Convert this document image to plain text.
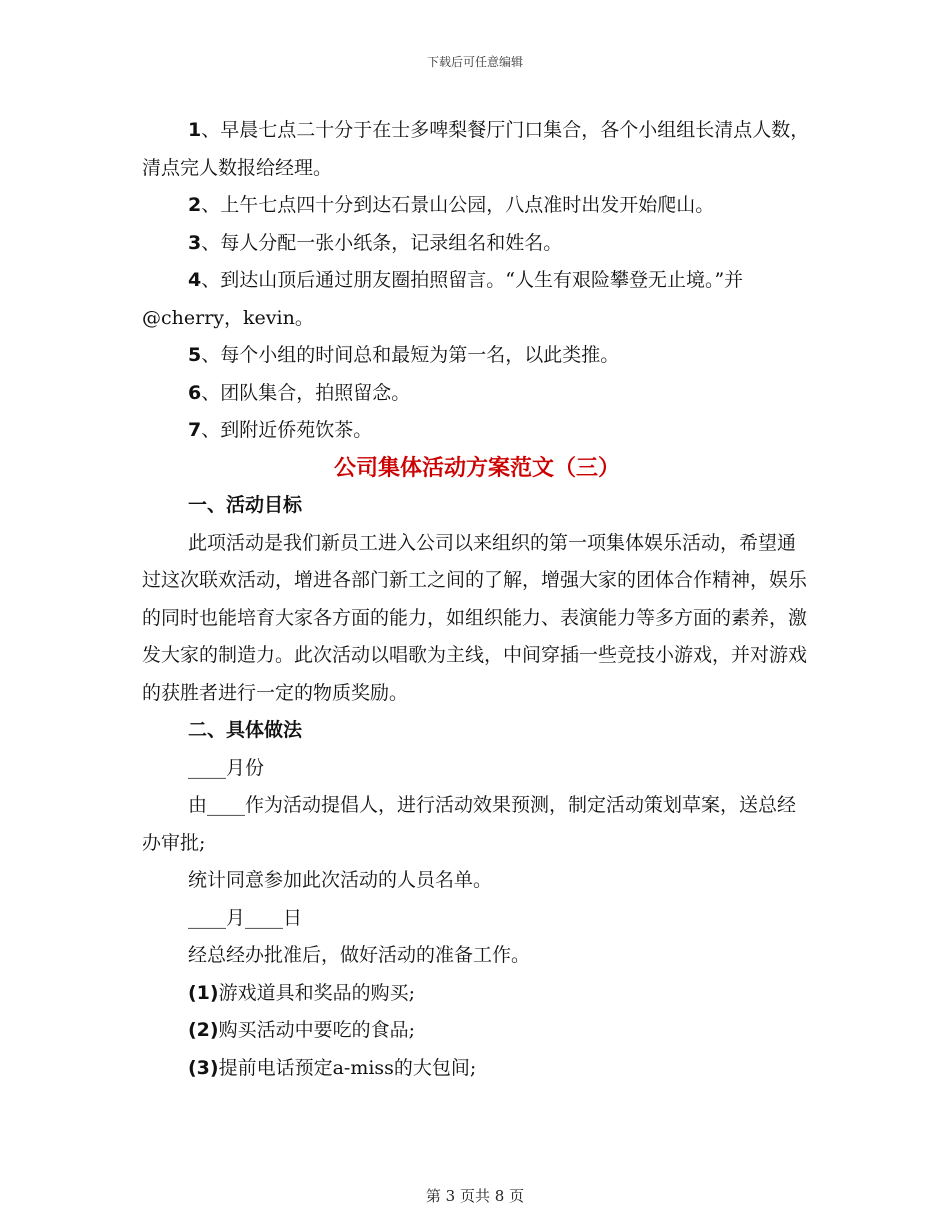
下载后可任意编辑

1、早晨七点二十分于在士多啤梨餐厅门口集合，各个小组组长清点人数，清点完人数报给经理。

2、上午七点四十分到达石景山公园，八点准时出发开始爬山。

3、每人分配一张小纸条，记录组名和姓名。

4、到达山顶后通过朋友圈拍照留言。“人生有艰险攀登无止境。”并@cherry，kevin。

5、每个小组的时间总和最短为第一名，以此类推。

6、团队集合，拍照留念。

7、到附近侨苑饮茶。

公司集体活动方案范文（三）

一、活动目标

此项活动是我们新员工进入公司以来组织的第一项集体娱乐活动，希望通过这次联欢活动，增进各部门新工之间的了解，增强大家的团体合作精神，娱乐的同时也能培育大家各方面的能力，如组织能力、表演能力等多方面的素养，激发大家的制造力。此次活动以唱歌为主线，中间穿插一些竞技小游戏，并对游戏的获胜者进行一定的物质奖励。

二、具体做法

____月份

由____作为活动提倡人，进行活动效果预测，制定活动策划草案，送总经办审批;

统计同意参加此次活动的人员名单。

____月____日

经总经办批准后，做好活动的准备工作。

(1)游戏道具和奖品的购买;

(2)购买活动中要吃的食品;

(3)提前电话预定a-miss的大包间;

第 3 页共 8 页
